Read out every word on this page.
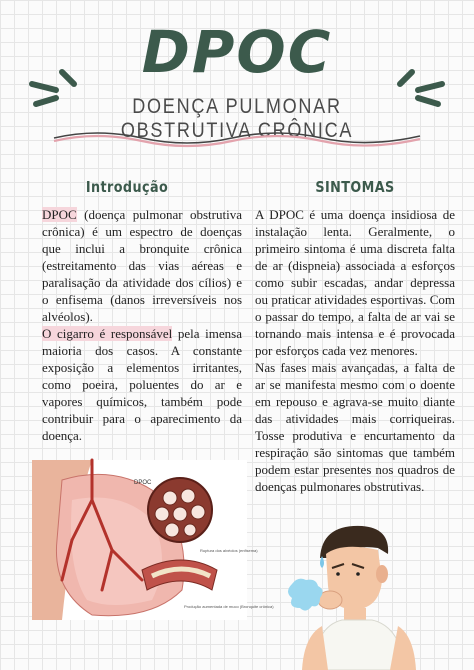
DPOC
DOENÇA PULMONAR OBSTRUTIVA CRÔNICA
Introdução	SINTOMAS

DPOC (doença pulmonar obstrutiva crônica) é um espectro de doenças que inclui a bronquite crônica (estreitamento das vias aéreas e paralisação da atividade dos cílios) e o enfisema (danos irreversíveis nos alvéolos).

O cigarro é responsável pela imensa maioria dos casos. A constante exposição a elementos irritantes, como poeira, poluentes do ar e vapores químicos, também pode contribuir para o aparecimento da doença.

A DPOC é uma doença insidiosa de instalação lenta. Geralmente, o primeiro sintoma é uma discreta falta de ar (dispneia) associada a esforços como subir escadas, andar depressa ou praticar atividades esportivas. Com o passar do tempo, a falta de ar vai se tornando mais intensa e é provocada por esforços cada vez menores.

Nas fases mais avançadas, a falta de ar se manifesta mesmo com o doente em repouso e agrava-se muito diante das atividades mais corriqueiras. Tosse produtiva e encurtamento da respiração são sintomas que também podem estar presentes nos quadros de doenças pulmonares obstrutivas.

DPOC
Ruptura dos alvéolos (enfisema)
Produção aumentada de muco (Bronquite crônica)
